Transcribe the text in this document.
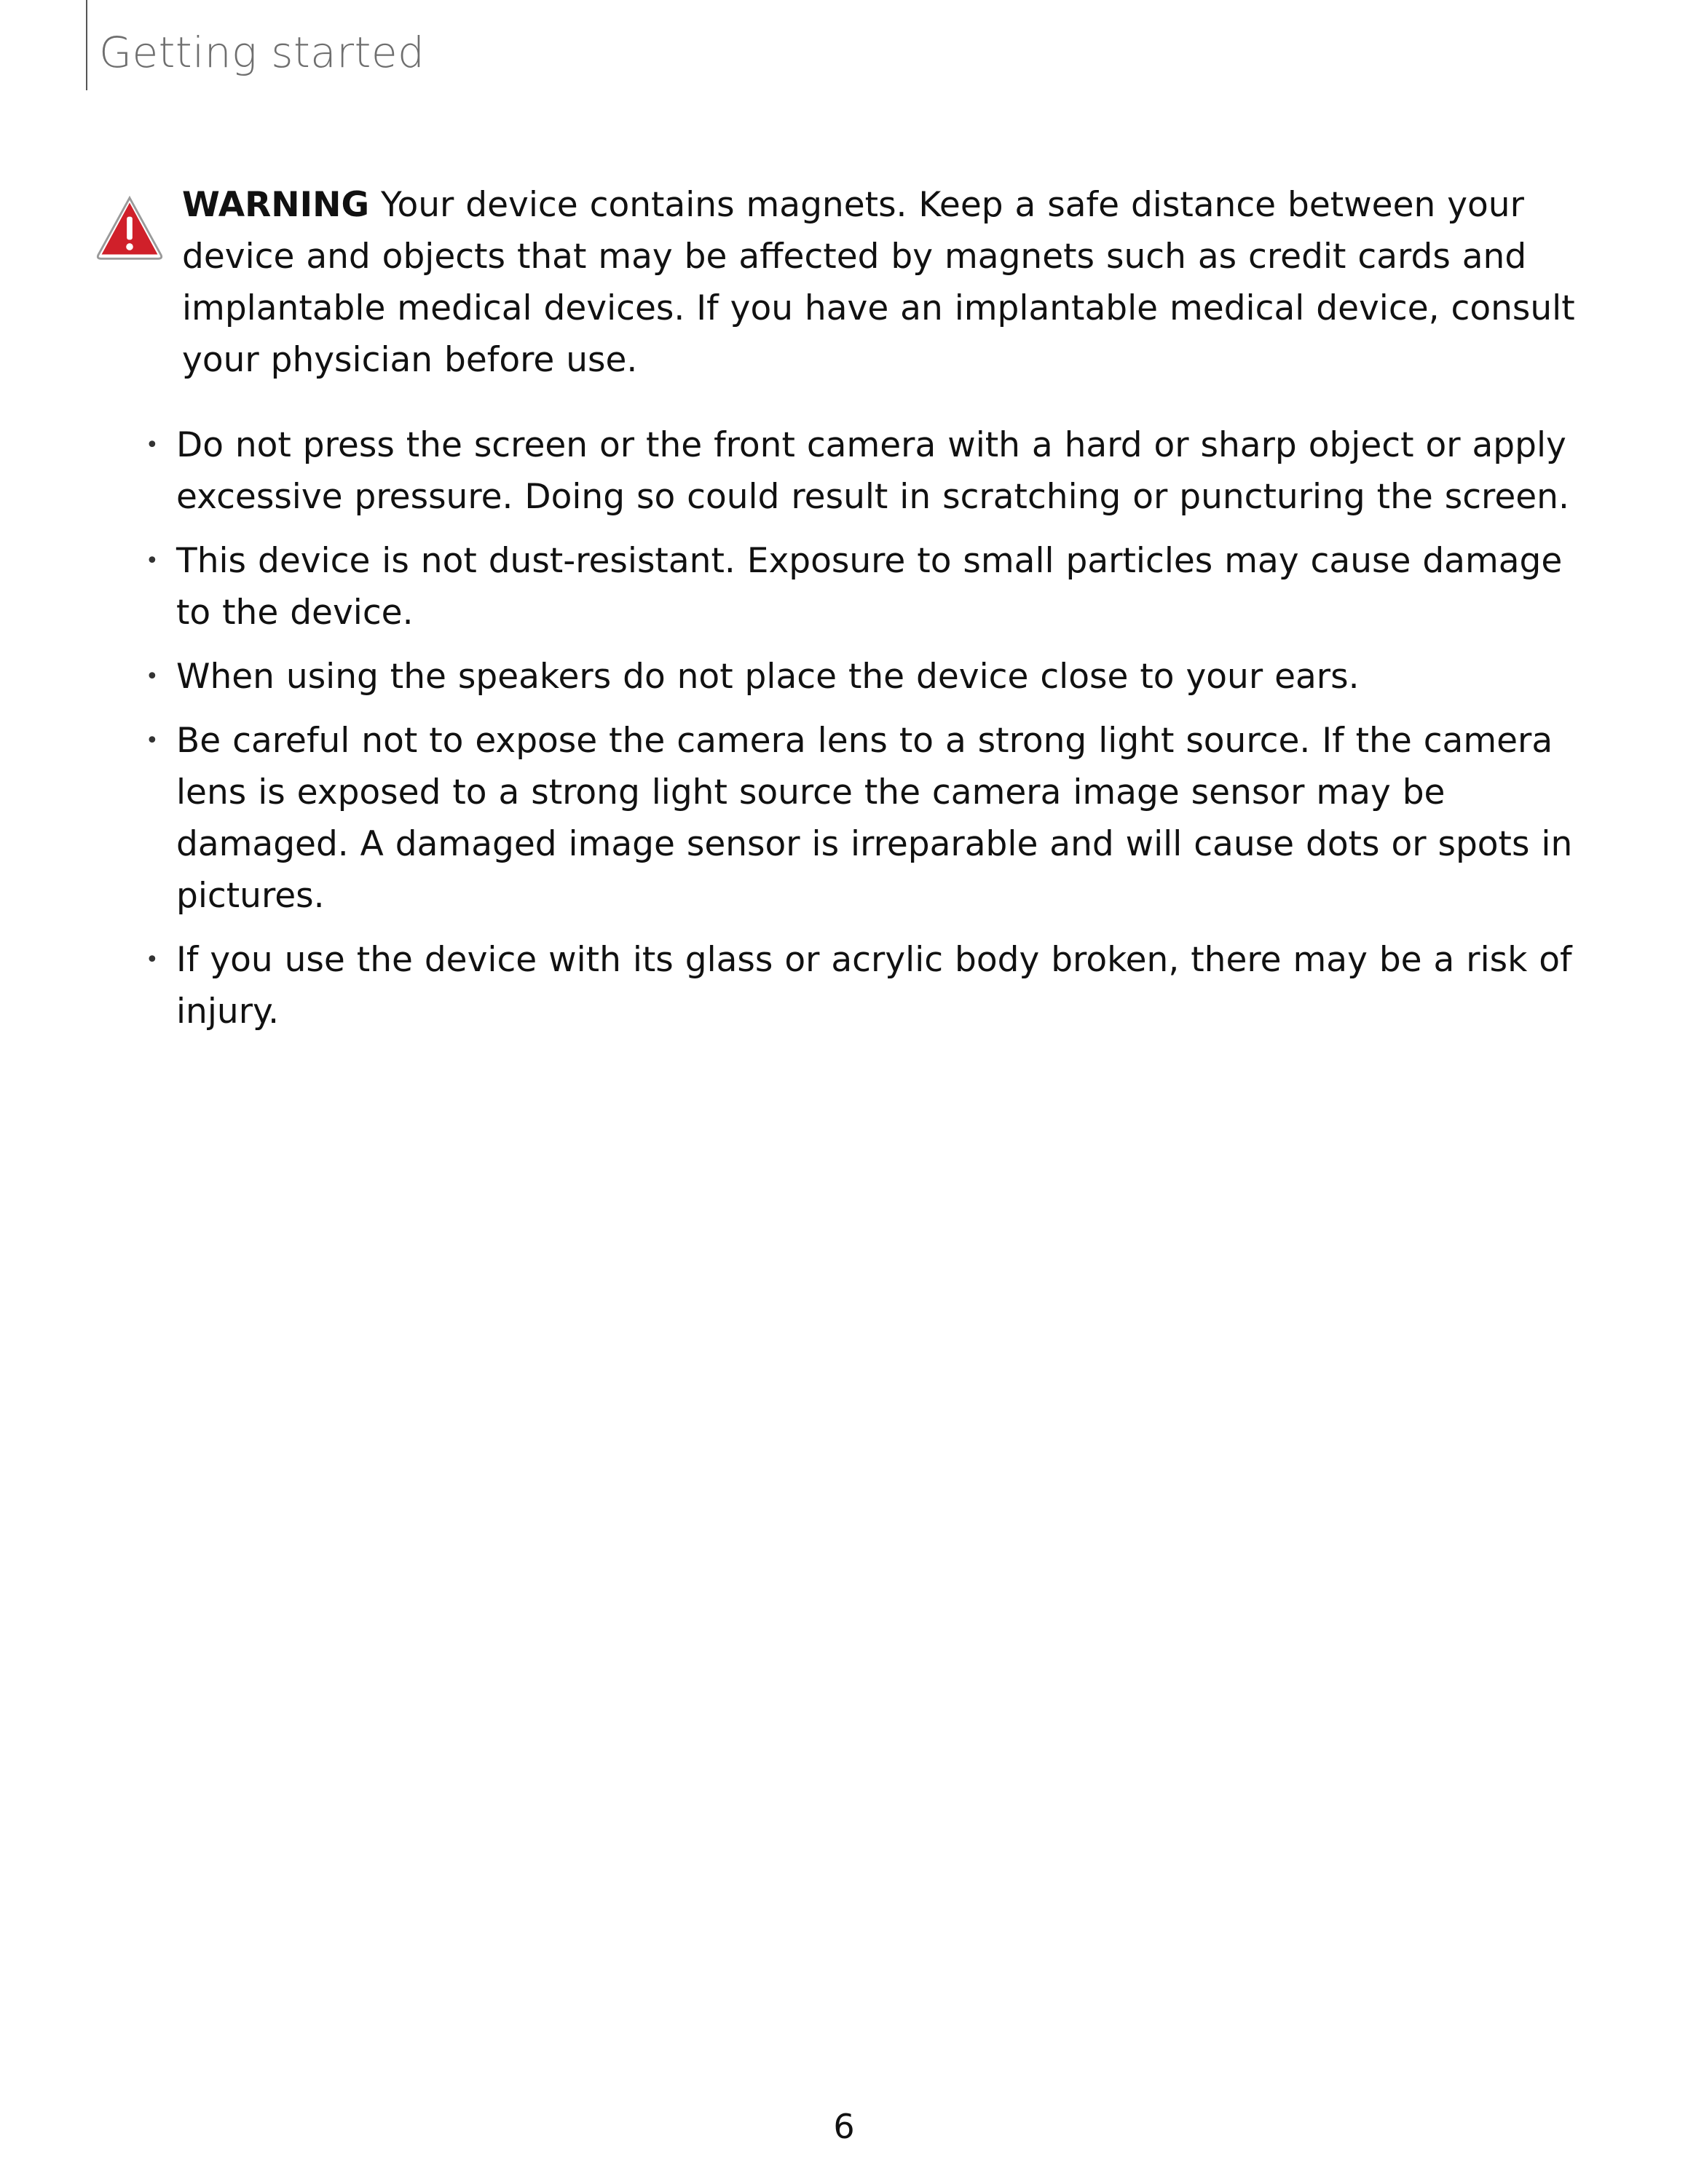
Getting started
WARNING Your device contains magnets. Keep a safe distance between your device and objects that may be affected by magnets such as credit cards and implantable medical devices. If you have an implantable medical device, consult your physician before use.
• Do not press the screen or the front camera with a hard or sharp object or apply excessive pressure. Doing so could result in scratching or puncturing the screen.
• This device is not dust-resistant. Exposure to small particles may cause damage to the device.
• When using the speakers do not place the device close to your ears.
• Be careful not to expose the camera lens to a strong light source. If the camera lens is exposed to a strong light source the camera image sensor may be damaged. A damaged image sensor is irreparable and will cause dots or spots in pictures.
• If you use the device with its glass or acrylic body broken, there may be a risk of injury.
6
